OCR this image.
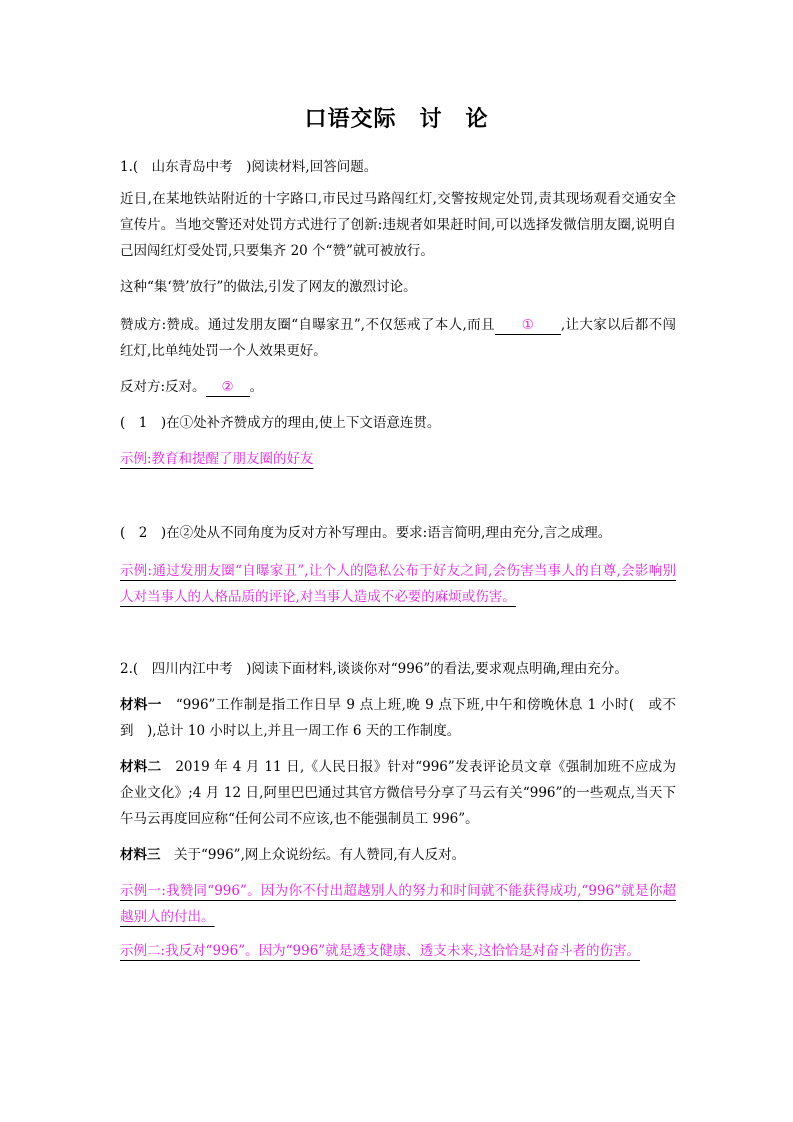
口语交际　讨　论
1.(　山东青岛中考　)阅读材料,回答问题。
近日,在某地铁站附近的十字路口,市民过马路闯红灯,交警按规定处罚,责其现场观看交通安全宣传片。当地交警还对处罚方式进行了创新:违规者如果赶时间,可以选择发微信朋友圈,说明自己因闯红灯受处罚,只要集齐 20 个“赞”就可被放行。
这种“集‘赞’放行”的做法,引发了网友的激烈讨论。
赞成方:赞成。通过发朋友圈“自曝家丑”,不仅惩戒了本人,而且 ① ,让大家以后都不闯红灯,比单纯处罚一个人效果更好。
反对方:反对。 ② 。
(　1　)在①处补齐赞成方的理由,使上下文语意连贯。
示例:教育和提醒了朋友圈的好友
(　2　)在②处从不同角度为反对方补写理由。要求:语言简明,理由充分,言之成理。
示例:通过发朋友圈“自曝家丑”,让个人的隐私公布于好友之间,会伤害当事人的自尊,会影响别人对当事人的人格品质的评论,对当事人造成不必要的麻烦或伤害。
2.(　四川内江中考　)阅读下面材料,谈谈你对“996”的看法,要求观点明确,理由充分。
材料一　 “996”工作制是指工作日早 9 点上班,晚 9 点下班,中午和傍晚休息 1 小时(　或不到　),总计 10 小时以上,并且一周工作 6 天的工作制度。
材料二　 2019 年 4 月 11 日,《人民日报》针对“996”发表评论员文章《强制加班不应成为企业文化》;4 月 12 日,阿里巴巴通过其官方微信号分享了马云有关“996”的一些观点,当天下午马云再度回应称“任何公司不应该,也不能强制员工 996”。
材料三　 关于“996”,网上众说纷纭。有人赞同,有人反对。
示例一:我赞同“996”。因为你不付出超越别人的努力和时间就不能获得成功,“996”就是你超越别人的付出。
示例二:我反对“996”。因为“996”就是透支健康、透支未来,这恰恰是对奋斗者的伤害。
